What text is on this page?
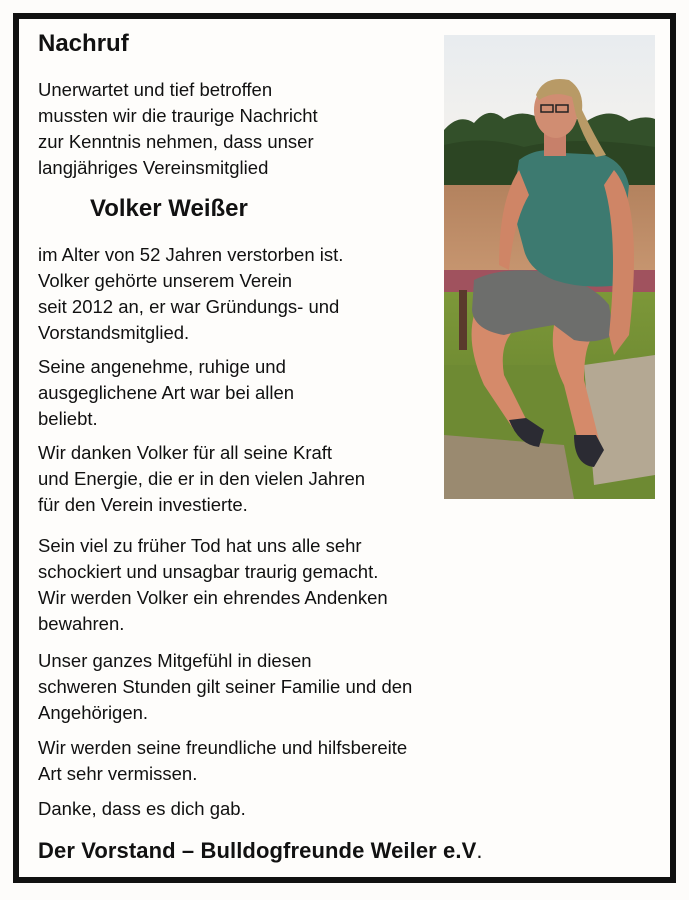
Nachruf

Unerwartet und tief betroffen
mussten wir die traurige Nachricht
zur Kenntnis nehmen, dass unser
langjähriges Vereinsmitglied

Volker Weißer

im Alter von 52 Jahren verstorben ist.
Volker gehörte unserem Verein
seit 2012 an, er war Gründungs- und
Vorstandsmitglied.

Seine angenehme, ruhige und
ausgeglichene Art war bei allen
beliebt.

Wir danken Volker für all seine Kraft
und Energie, die er in den vielen Jahren
für den Verein investierte.

Sein viel zu früher Tod hat uns alle sehr
schockiert und unsagbar traurig gemacht.
Wir werden Volker ein ehrendes Andenken
bewahren.

Unser ganzes Mitgefühl in diesen
schweren Stunden gilt seiner Familie und den
Angehörigen.

Wir werden seine freundliche und hilfsbereite
Art sehr vermissen.

Danke, dass es dich gab.

Der Vorstand – Bulldogfreunde Weiler e.V.
